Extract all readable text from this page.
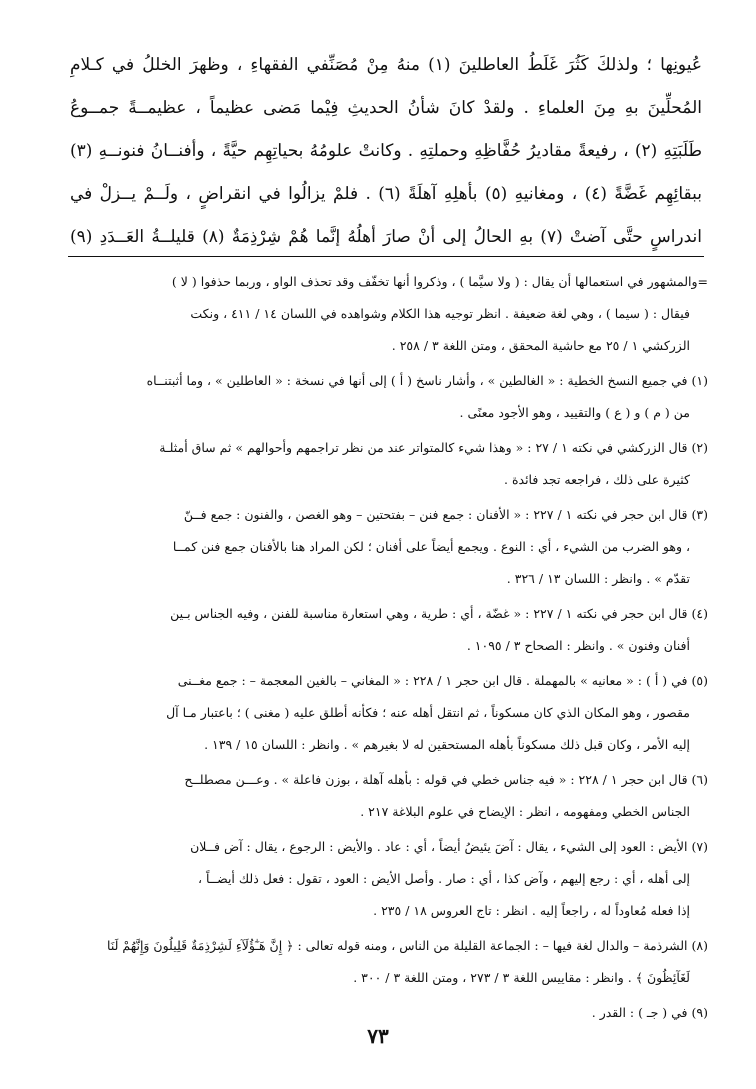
عُيونِها ؛ ولذلكَ كَثُرَ غَلَطُ العاطلينَ (١) منهُ مِنْ مُصَنِّفي الفقهاءِ ، وظهرَ الخللُ في كـلامِ
المُحلِّينَ بهِ مِنَ العلماءِ . ولقدْ كانَ شأنُ الحديثِ فِيْما مَضى عظيماً ، عظيمــةً جمــوعُ
طَلَبَتِهِ (٢) ، رفيعةً مقاديرُ حُفَّاظِهِ وحملتِهِ . وكانتْ علومُهُ بحياتِهِم حيَّةً ، وأفنــانُ فنونــهِ (٣)
ببقائِهِم غَضَّةً (٤) ، ومغانيهِ (٥) بأهلِهِ آهلَةً (٦) . فلمْ يزالُوا في انقراضٍ ، ولَــمْ يــزلْ في
اندراسٍ حتَّى آضتْ (٧) بهِ الحالُ إلى أنْ صارَ أهلُهُ إنَّما هُمْ شِرْذِمَةٌ (٨) قليلــةُ العَــدَدِ (٩)
=والمشهور في استعمالها أن يقال : ( ولا سيَّما ) ، وذكروا أنها تخفّف وقد تحذف الواو ، وربما حذفوا ( لا )
فيقال : ( سيما ) ، وهي لغة ضعيفة . انظر توجيه هذا الكلام وشواهده في اللسان ١٤ / ٤١١ ، ونكت
الزركشي ١ / ٢٥ مع حاشية المحقق ، ومتن اللغة ٣ / ٢٥٨ .
(١) في جميع النسخ الخطية : « الغالطين » ، وأشار ناسخ ( أ ) إلى أنها في نسخة : « العاطلين » ، وما أثبتنــاه
من ( م ) و ( ع ) والتقييد ، وهو الأجود معنًى .
(٢) قال الزركشي في نكته ١ / ٢٧ : « وهذا شيء كالمتواتر عند من نظر تراجمهم وأحوالهم » ثم ساق أمثلـة
كثيرة على ذلك ، فراجعه تجد فائدة .
(٣) قال ابن حجر في نكته ١ / ٢٢٧ : « الأفنان : جمع فنن – بفتحتين – وهو الغصن ، والفنون : جمع فــنّ
، وهو الضرب من الشيء ، أي : النوع . ويجمع أيضاً على أفنان ؛ لكن المراد هنا بالأفنان جمع فنن كمــا
تقدّم » . وانظر : اللسان ١٣ / ٣٢٦ .
(٤) قال ابن حجر في نكته ١ / ٢٢٧ : « غضّة ، أي : طرية ، وهي استعارة مناسبة للفنن ، وفيه الجناس بـين
أفنان وفنون » . وانظر : الصحاح ٣ / ١٠٩٥ .
(٥) في ( أ ) : « معانيه » بالمهملة . قال ابن حجر ١ / ٢٢٨ : « المغاني – بالغين المعجمة – : جمع مغــنى
مقصور ، وهو المكان الذي كان مسكوناً ، ثم انتقل أهله عنه ؛ فكأنه أطلق عليه ( مغنى ) ؛ باعتبار مـا آل
إليه الأمر ، وكان قبل ذلك مسكوناً بأهله المستحقين له لا بغيرهم » . وانظر : اللسان ١٥ / ١٣٩ .
(٦) قال ابن حجر ١ / ٢٢٨ : « فيه جناس خطي في قوله : بأهله آهلة ، بوزن فاعلة » . وعـــن مصطلــح
الجناس الخطي ومفهومه ، انظر : الإيضاح في علوم البلاغة ٢١٧ .
(٧) الأيض : العود إلى الشيء ، يقال : آضَ يئيضُ أيضاً ، أي : عاد . والأيض : الرجوع ، يقال : آض فــلان
إلى أهله ، أي : رجع إليهم ، وآض كذا ، أي : صار . وأصل الأيض : العود ، تقول : فعل ذلك أيضــاً ،
إذا فعله مُعاوداً له ، راجعاً إليه . انظر : تاج العروس ١٨ / ٢٣٥ .
(٨) الشرذمة – والدال لغة فيها – : الجماعة القليلة من الناس ، ومنه قوله تعالى : ﴿ إِنَّ هَـٰٓؤُلَآءِ لَشِرْذِمَةٌ قَلِيلُونَ وَإِنَّهُمْ لَنَا
لَغَآئِظُونَ ﴾ . وانظر : مقاييس اللغة ٣ / ٢٧٣ ، ومتن اللغة ٣ / ٣٠٠ .
(٩) في ( جـ ) : القدر .
٧٣
